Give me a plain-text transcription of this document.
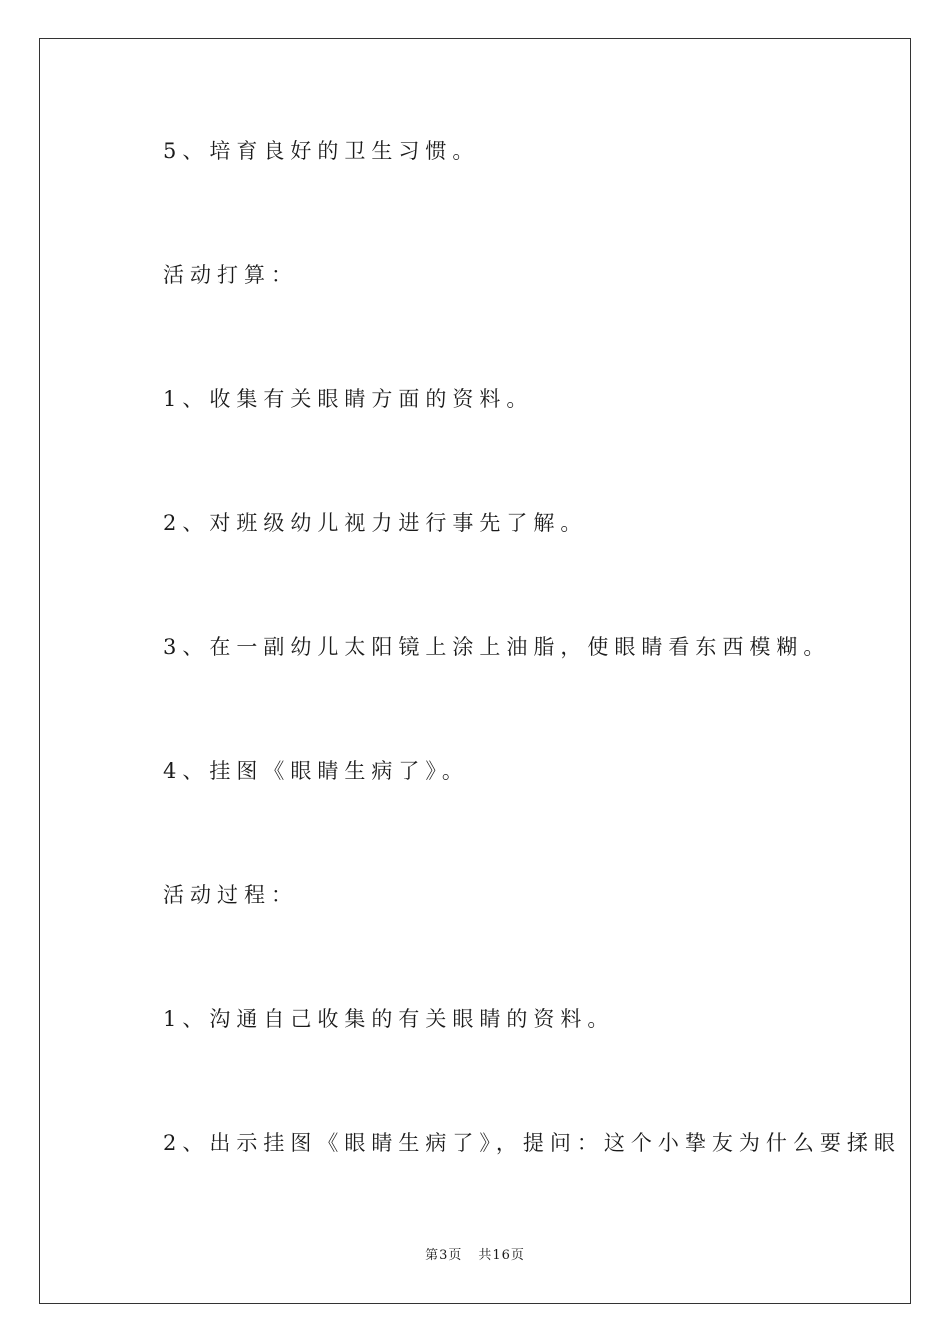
5、培育良好的卫生习惯。
活动打算：
1、收集有关眼睛方面的资料。
2、对班级幼儿视力进行事先了解。
3、在一副幼儿太阳镜上涂上油脂，使眼睛看东西模糊。
4、挂图《眼睛生病了》。
活动过程：
1、沟通自己收集的有关眼睛的资料。
2、出示挂图《眼睛生病了》，提问：这个小挚友为什么要揉眼
第3页 共16页
